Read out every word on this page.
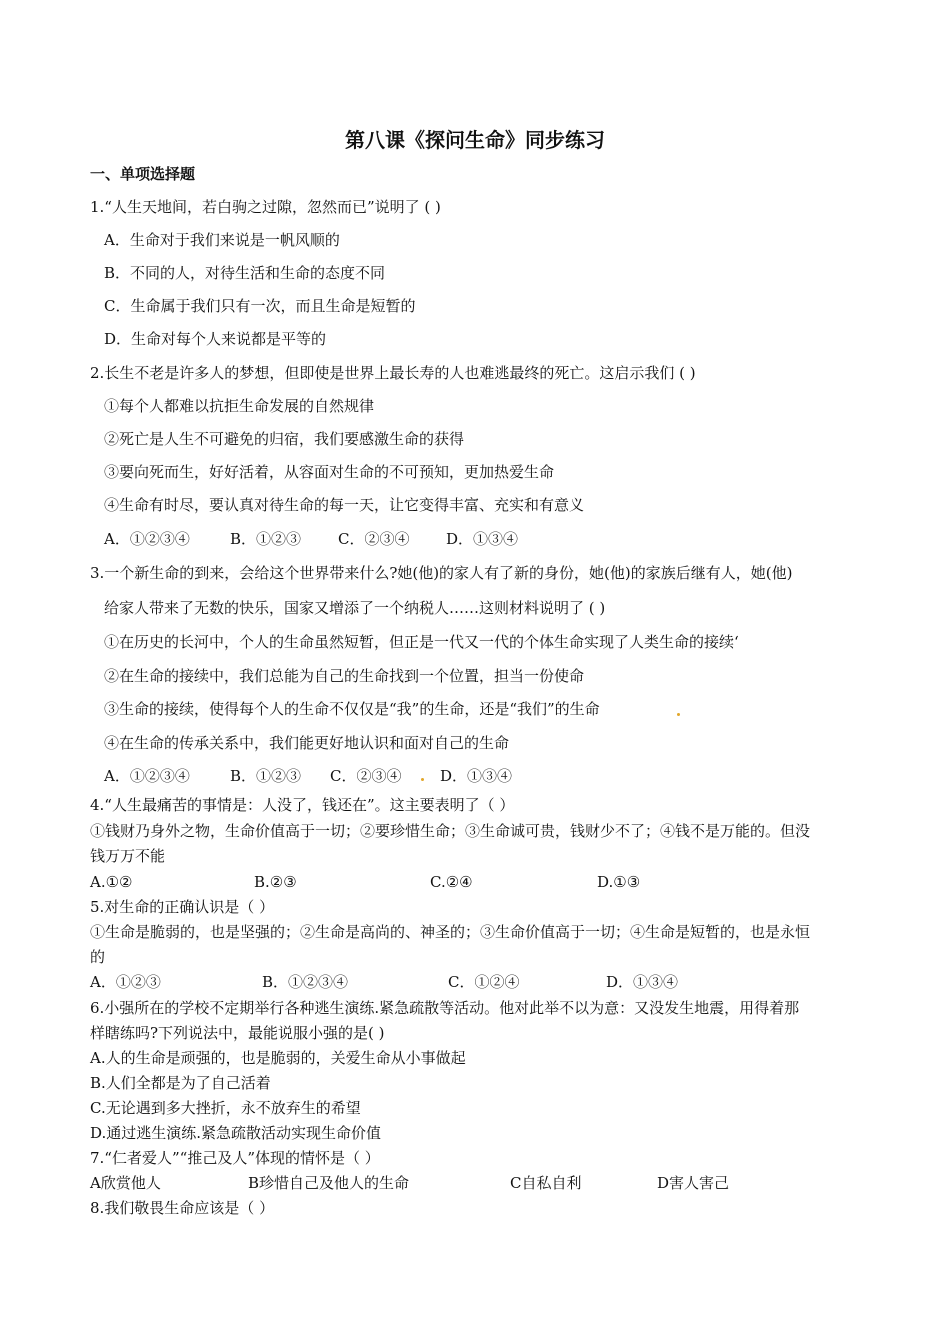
第八课《探问生命》同步练习
一、单项选择题
1.“人生天地间，若白驹之过隙，忽然而已”说明了 ( )
A．生命对于我们来说是一帆风顺的
B．不同的人，对待生活和生命的态度不同
C．生命属于我们只有一次，而且生命是短暂的
D．生命对每个人来说都是平等的
2.长生不老是许多人的梦想，但即使是世界上最长寿的人也难逃最终的死亡。这启示我们 ( )
①每个人都难以抗拒生命发展的自然规律
②死亡是人生不可避免的归宿，我们要感激生命的获得
③要向死而生，好好活着，从容面对生命的不可预知，更加热爱生命
④生命有时尽，要认真对待生命的每一天，让它变得丰富、充实和有意义
A．①②③④	B．①②③ C．②③④ D．①③④
3.一个新生命的到来，会给这个世界带来什么?她(他)的家人有了新的身份，她(他)的家族后继有人，她(他)
给家人带来了无数的快乐，国家又增添了一个纳税人……这则材料说明了 ( )
①在历史的长河中，个人的生命虽然短暂，但正是一代又一代的个体生命实现了人类生命的接续‘
②在生命的接续中，我们总能为自己的生命找到一个位置，担当一份使命
③生命的接续，使得每个人的生命不仅仅是“我”的生命，还是“我们”的生命
④在生命的传承关系中，我们能更好地认识和面对自己的生命
A．①②③④	B．①②③ C．②③④	D．①③④
4.“人生最痛苦的事情是：人没了，钱还在”。这主要表明了（ ）
①钱财乃身外之物，生命价值高于一切；②要珍惜生命；③生命诚可贵，钱财少不了；④钱不是万能的。但没
钱万万不能
A.①②	B.②③	C.②④	D.①③
5.对生命的正确认识是（ ）
①生命是脆弱的，也是坚强的；②生命是高尚的、神圣的；③生命价值高于一切；④生命是短暂的，也是永恒
的
A．①②③	B．①②③④	C．①②④	D．①③④
6.小强所在的学校不定期举行各种逃生演练.紧急疏散等活动。他对此举不以为意：又没发生地震，用得着那
样瞎练吗?下列说法中，最能说服小强的是( )
A.人的生命是顽强的，也是脆弱的，关爱生命从小事做起
B.人们全都是为了自己活着
C.无论遇到多大挫折，永不放弃生的希望
D.通过逃生演练.紧急疏散活动实现生命价值
7.“仁者爱人”“推己及人”体现的情怀是（ ）
A欣赏他人	B珍惜自己及他人的生命	C自私自利	D害人害己
8.我们敬畏生命应该是（ ）
